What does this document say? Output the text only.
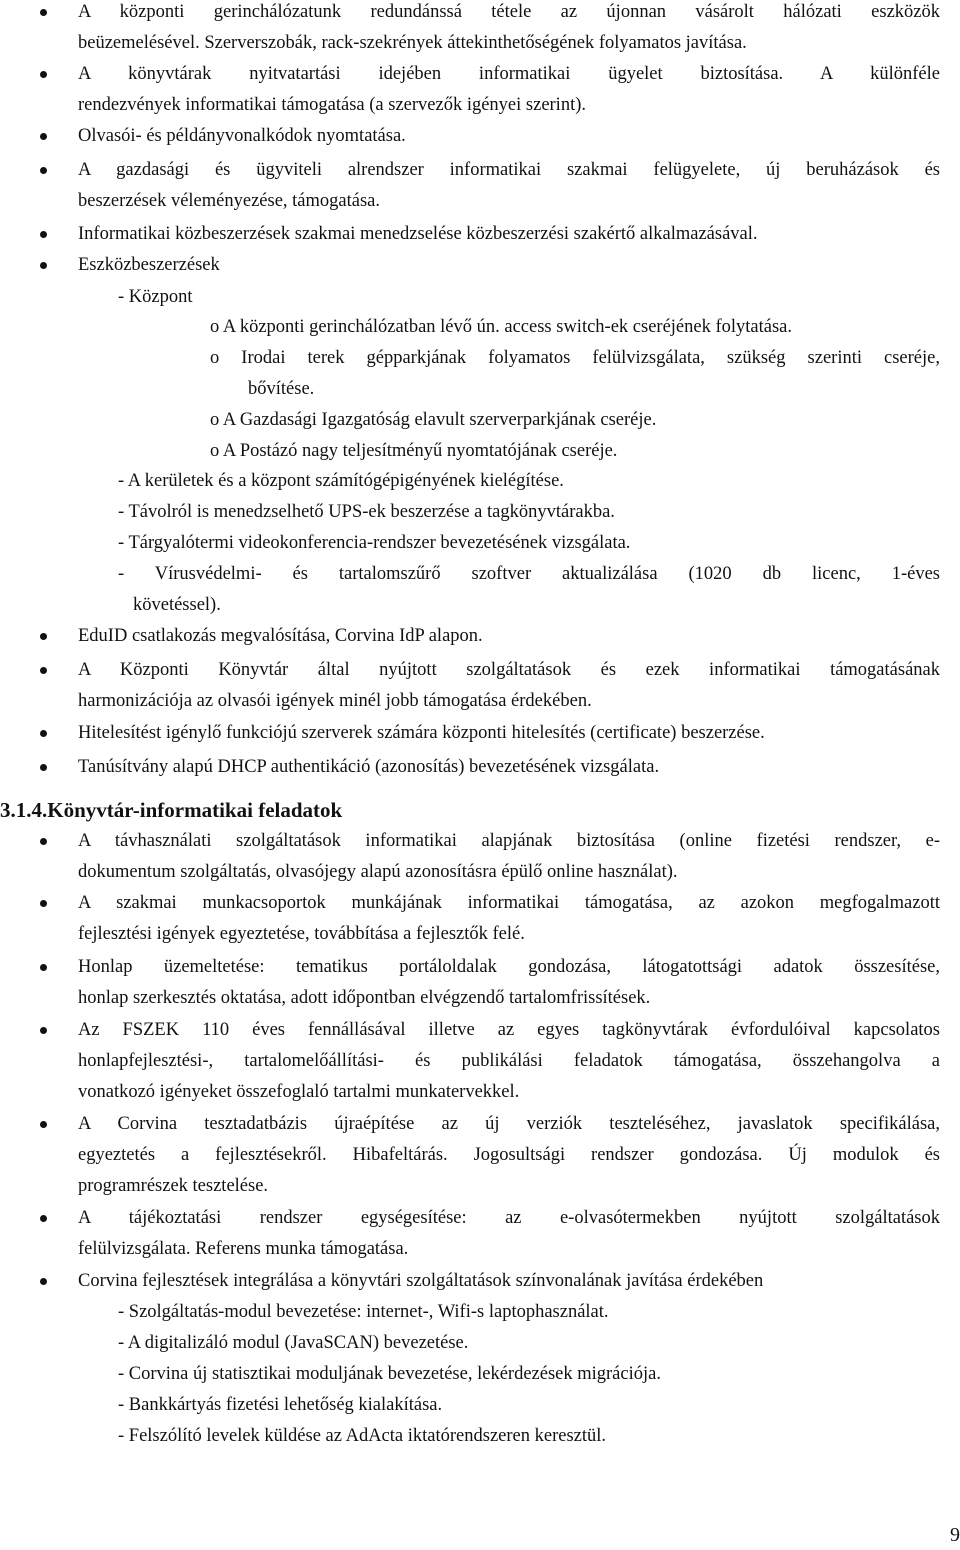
A központi gerinchálózatunk redundánssá tétele az újonnan vásárolt hálózati eszközök
beüzemelésével. Szerverszobák, rack-szekrények áttekinthetőségének folyamatos javítása.
A könyvtárak nyitvatartási idejében informatikai ügyelet biztosítása. A különféle
rendezvények informatikai támogatása (a szervezők igényei szerint).
Olvasói- és példányvonalkódok nyomtatása.
A gazdasági és ügyviteli alrendszer informatikai szakmai felügyelete, új beruházások és
beszerzések véleményezése, támogatása.
Informatikai közbeszerzések szakmai menedzselése közbeszerzési szakértő alkalmazásával.
Eszközbeszerzések
- Központ
o A központi gerinchálózatban lévő ún. access switch-ek cseréjének folytatása.
o Irodai terek gépparkjának folyamatos felülvizsgálata, szükség szerinti cseréje,
bővítése.
o A Gazdasági Igazgatóság elavult szerverparkjának cseréje.
o A Postázó nagy teljesítményű nyomtatójának cseréje.
- A kerületek és a központ számítógépigényének kielégítése.
- Távolról is menedzselhető UPS-ek beszerzése a tagkönyvtárakba.
- Tárgyalótermi videokonferencia-rendszer bevezetésének vizsgálata.
- Vírusvédelmi- és tartalomszűrő szoftver aktualizálása (1020 db licenc, 1-éves
követéssel).
EduID csatlakozás megvalósítása, Corvina IdP alapon.
A Központi Könyvtár által nyújtott szolgáltatások és ezek informatikai támogatásának
harmonizációja az olvasói igények minél jobb támogatása érdekében.
Hitelesítést igénylő funkciójú szerverek számára központi hitelesítés (certificate) beszerzése.
Tanúsítvány alapú DHCP authentikáció (azonosítás) bevezetésének vizsgálata.
3.1.4.Könyvtár-informatikai feladatok
A távhasználati szolgáltatások informatikai alapjának biztosítása (online fizetési rendszer, e-
dokumentum szolgáltatás, olvasójegy alapú azonosításra épülő online használat).
A szakmai munkacsoportok munkájának informatikai támogatása, az azokon megfogalmazott
fejlesztési igények egyeztetése, továbbítása a fejlesztők felé.
Honlap üzemeltetése: tematikus portáloldalak gondozása, látogatottsági adatok összesítése,
honlap szerkesztés oktatása, adott időpontban elvégzendő tartalomfrissítések.
Az FSZEK 110 éves fennállásával illetve az egyes tagkönyvtárak évfordulóival kapcsolatos
honlapfejlesztési-, tartalomelőállítási- és publikálási feladatok támogatása, összehangolva a
vonatkozó igényeket összefoglaló tartalmi munkatervekkel.
A Corvina tesztadatbázis újraépítése az új verziók teszteléséhez, javaslatok specifikálása,
egyeztetés a fejlesztésekről. Hibafeltárás. Jogosultsági rendszer gondozása. Új modulok és
programrészek tesztelése.
A tájékoztatási rendszer egységesítése: az e-olvasótermekben nyújtott szolgáltatások
felülvizsgálata. Referens munka támogatása.
Corvina fejlesztések integrálása a könyvtári szolgáltatások színvonalának javítása érdekében
- Szolgáltatás-modul bevezetése: internet-, Wifi-s laptophasználat.
- A digitalizáló modul (JavaSCAN) bevezetése.
- Corvina új statisztikai moduljának bevezetése, lekérdezések migrációja.
- Bankkártyás fizetési lehetőség kialakítása.
- Felszólító levelek küldése az AdActa iktatórendszeren keresztül.
9
